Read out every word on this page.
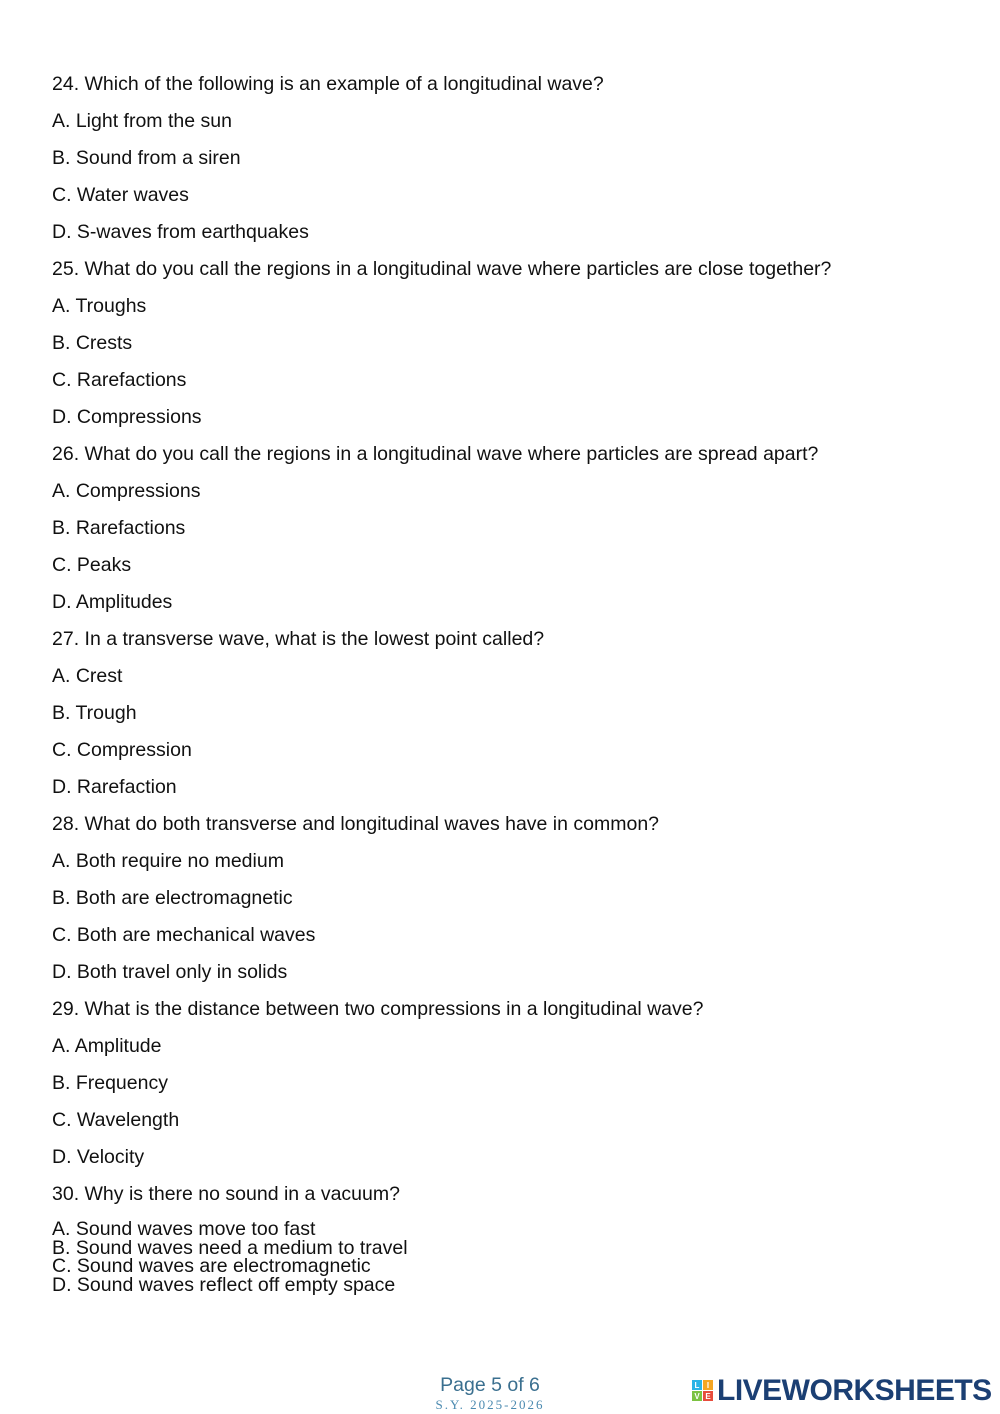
24. Which of the following is an example of a longitudinal wave?
A. Light from the sun
B. Sound from a siren
C. Water waves
D. S-waves from earthquakes
25. What do you call the regions in a longitudinal wave where particles are close together?
A. Troughs
B. Crests
C. Rarefactions
D. Compressions
26. What do you call the regions in a longitudinal wave where particles are spread apart?
A. Compressions
B. Rarefactions
C. Peaks
D. Amplitudes
27. In a transverse wave, what is the lowest point called?
A. Crest
B. Trough
C. Compression
D. Rarefaction
28. What do both transverse and longitudinal waves have in common?
A. Both require no medium
B. Both are electromagnetic
C. Both are mechanical waves
D. Both travel only in solids
29. What is the distance between two compressions in a longitudinal wave?
A. Amplitude
B. Frequency
C. Wavelength
D. Velocity
30. Why is there no sound in a vacuum?
A. Sound waves move too fast
B. Sound waves need a medium to travel
C. Sound waves are electromagnetic
D. Sound waves reflect off empty space
Page 5 of 6
S.Y. 2025-2026
L I
V E LIVEWORKSHEETS
